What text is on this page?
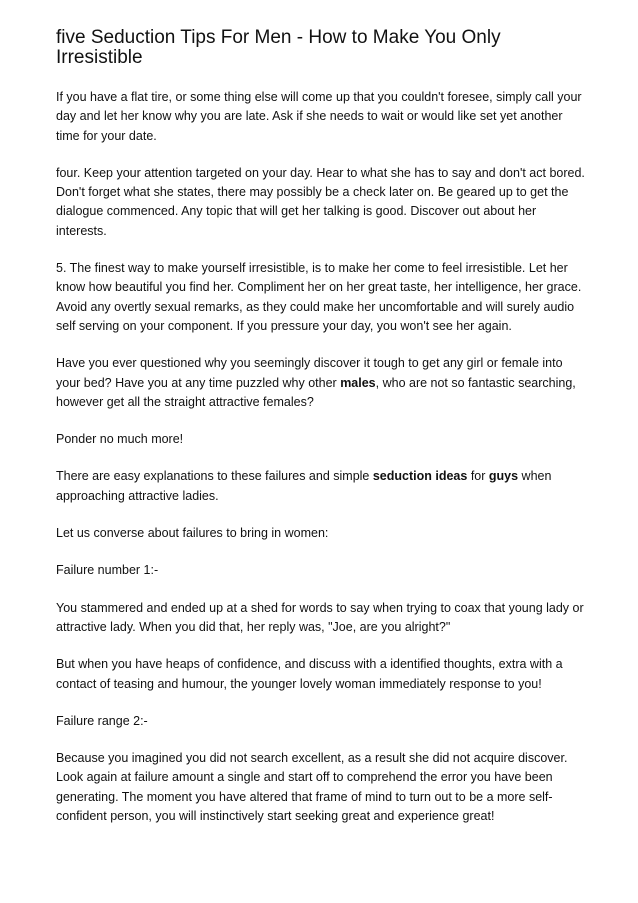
five Seduction Tips For Men - How to Make You Only Irresistible

If you have a flat tire, or some thing else will come up that you couldn't foresee, simply call your day and let her know why you are late. Ask if she needs to wait or would like set yet another time for your date.

four. Keep your attention targeted on your day. Hear to what she has to say and don't act bored. Don't forget what she states, there may possibly be a check later on. Be geared up to get the dialogue commenced. Any topic that will get her talking is good. Discover out about her interests.

5. The finest way to make yourself irresistible, is to make her come to feel irresistible. Let her know how beautiful you find her. Compliment her on her great taste, her intelligence, her grace. Avoid any overtly sexual remarks, as they could make her uncomfortable and will surely audio self serving on your component. If you pressure your day, you won't see her again.

Have you ever questioned why you seemingly discover it tough to get any girl or female into your bed? Have you at any time puzzled why other males, who are not so fantastic searching, however get all the straight attractive females?

Ponder no much more!

There are easy explanations to these failures and simple seduction ideas for guys when approaching attractive ladies.

Let us converse about failures to bring in women:

Failure number 1:-

You stammered and ended up at a shed for words to say when trying to coax that young lady or attractive lady. When you did that, her reply was, "Joe, are you alright?"

But when you have heaps of confidence, and discuss with a identified thoughts, extra with a contact of teasing and humour, the younger lovely woman immediately response to you!

Failure range 2:-

Because you imagined you did not search excellent, as a result she did not acquire discover. Look again at failure amount a single and start off to comprehend the error you have been generating. The moment you have altered that frame of mind to turn out to be a more self-confident person, you will instinctively start seeking great and experience great!
